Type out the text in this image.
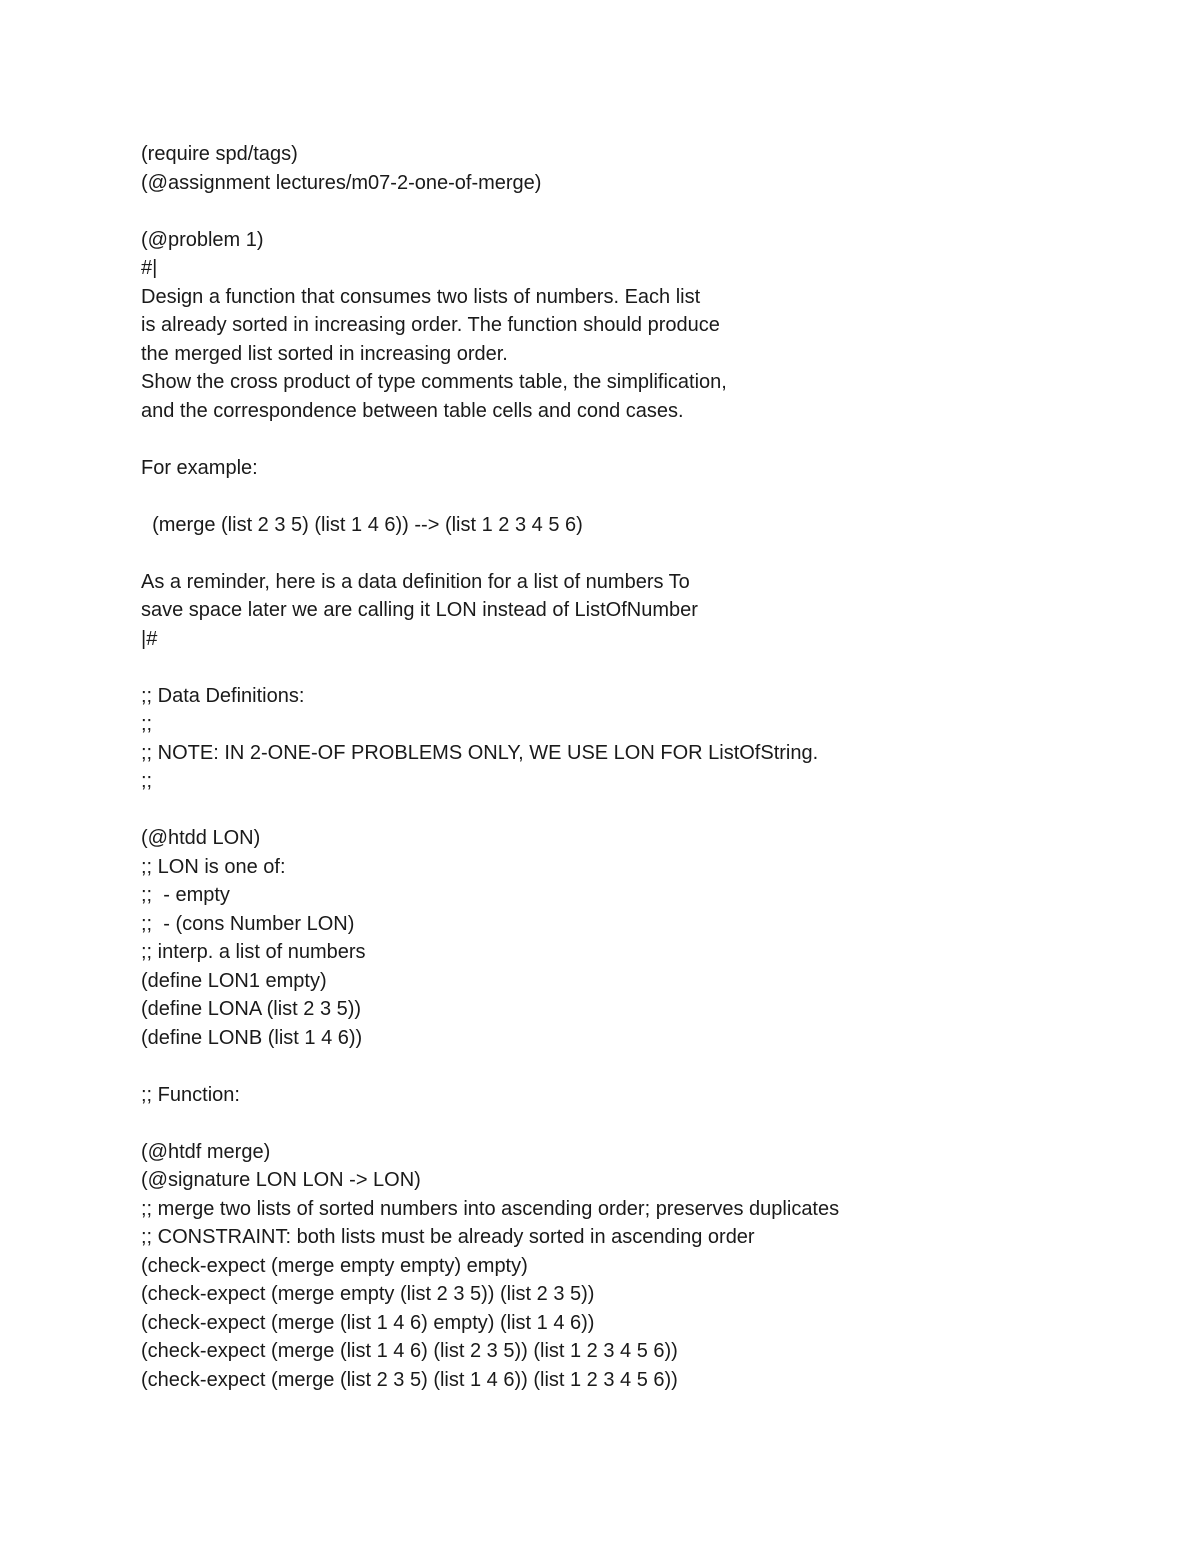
(require spd/tags)
(@assignment lectures/m07-2-one-of-merge)
(@problem 1)
#|
Design a function that consumes two lists of numbers. Each list
is already sorted in increasing order. The function should produce
the merged list sorted in increasing order.
Show the cross product of type comments table, the simplification,
and the correspondence between table cells and cond cases.
For example:
(merge (list 2 3 5) (list 1 4 6)) --> (list 1 2 3 4 5 6)
As a reminder, here is a data definition for a list of numbers To
save space later we are calling it LON instead of ListOfNumber
|#
;; Data Definitions:
;;
;; NOTE: IN 2-ONE-OF PROBLEMS ONLY, WE USE LON FOR ListOfString.
;;
(@htdd LON)
;; LON is one of:
;;  - empty
;;  - (cons Number LON)
;; interp. a list of numbers
(define LON1 empty)
(define LONA (list 2 3 5))
(define LONB (list 1 4 6))
;; Function:
(@htdf merge)
(@signature LON LON -> LON)
;; merge two lists of sorted numbers into ascending order; preserves duplicates
;; CONSTRAINT: both lists must be already sorted in ascending order
(check-expect (merge empty empty) empty)
(check-expect (merge empty (list 2 3 5)) (list 2 3 5))
(check-expect (merge (list 1 4 6) empty) (list 1 4 6))
(check-expect (merge (list 1 4 6) (list 2 3 5)) (list 1 2 3 4 5 6))
(check-expect (merge (list 2 3 5) (list 1 4 6)) (list 1 2 3 4 5 6))
